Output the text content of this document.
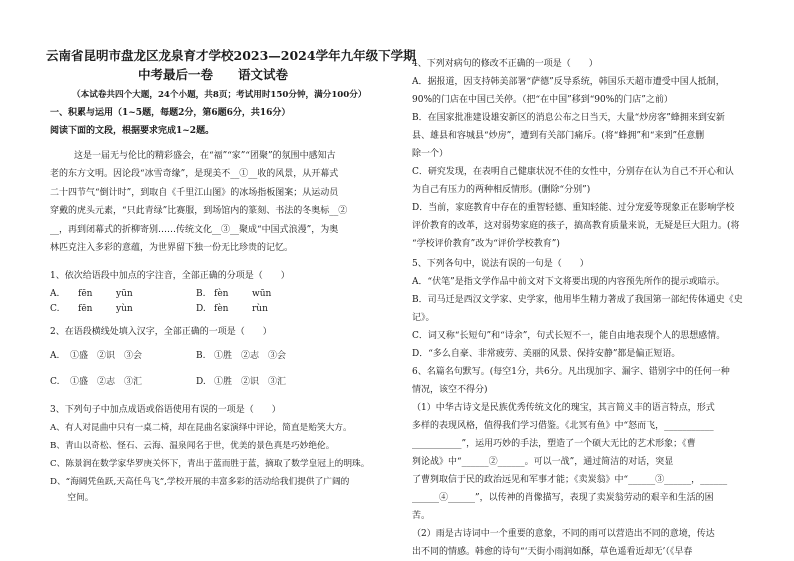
云南省昆明市盘龙区龙泉育才学校2023—2024学年九年级下学期
中考最后一卷　　语文试卷
（本试卷共四个大题，24个小题，共8页；考试用时150分钟，满分100分）
一、积累与运用（1~5题，每题2分，第6题6分，共16分）
阅读下面的文段，根据要求完成1~2题。
　　这是一届无与伦比的精彩盛会，在“福”“家”“团聚”的氛围中感知古
老的东方文明。因论段“冰雪奇缘”，是现美不__①__收的风景，从开幕式
二十四节气“倒计时”，到取自《千里江山图》的冰场指板图案；从运动员
穿戴的虎头元素，“只此青绿”比赛服，到场馆内的篆刻、书法的冬奥标__②
__，再到闭幕式的折柳寄别……传统文化__③__聚成“中国式浪漫”，为奥
林匹克注入多彩的意蕴，为世界留下独一份无比珍贵的记忆。
1、依次给语段中加点的字注音，全部正确的分项是（　　）
A. fēn	yūn	B. fèn	wūn
C. fēn	yùn	D. fèn	rùn
2、在语段横线处填入汉字，全部正确的一项是（　　）
A. ①盛　②识　③会	B. ①胜　②志　③会
C. ①盛　②志　③汇	D. ①胜　②识　③汇
3、下列句子中加点成语或俗语使用有误的一项是（　　）
A、有人对昆曲中只有一桌二椅，却在昆曲名家演绎中评论，简直是贻笑大方。
B、青山以奇松、怪石、云海、温泉闻名于世，优美的景色真是巧妙绝伦。
C、陈景润在数学家华罗庚关怀下，青出于蓝而胜于蓝，摘取了数学皇冠上的明珠。
D、“海阔凭鱼跃,天高任鸟飞”,学校开展的丰富多彩的活动给我们提供了广阔的
　　空间。
4、下列对病句的修改不正确的一项是（　　）
A．据报道，因支持韩美部署“萨德”反导系统，韩国乐天超市遭受中国人抵制，
90%的门店在中国已关停。（把“在中国”移到“90%的门店”之前）
B．在国家批准建设雄安新区的消息公布之日当天，大量“炒房客”蜂拥来到安新
县、雄县和容城县“炒房”，遭到有关部门痛斥。(将“蜂拥”和“来到”任意删
除一个）
C．研究发现，在表明自己健康状况不佳的女性中，分别存在认为自己不开心和认
为自己有压力的两种相反情形。(删除“分别”)
D．当前，家庭教育中存在的重智轻德、重知轻能、过分宠爱等现象正在影响学校
评价教育的改革，这对弱势家庭的孩子，搞高教育质量来说，无疑是巨大阻力。(将
“学校评价教育”改为“评价学校教育”)
5、下列各句中，说法有误的一句是（　　）
A．“伏笔”是指文学作品中前文对下文将要出现的内容预先所作的提示或暗示。
B．司马迁是西汉文学家、史学家，他用毕生精力著成了我国第一部纪传体通史《史
记》。
C．词又称“长短句”和“诗余”，句式长短不一，能自由地表现个人的思想感情。
D．“多么自豪、非常疲劳、美丽的风景、保持安静”都是偏正短语。
6、名篇名句默写。(每空1分，共6分。凡出现加字、漏字、错别字中的任何一种
情况，该空不得分)
（1）中华古诗文是民族优秀传统文化的瑰宝，其言简义丰的语言特点，形式
多样的表现风格，值得我们学习借鉴。《北冥有鱼》中“怒而飞，___________
___________”，运用巧妙的手法，塑造了一个硕大无比的艺术形象；《曹
刿论战》中“______②______。可以一战”，通过简洁的对话，突显
了曹刿取信于民的政治远见和军事才能；《卖炭翁》中“______③______，______
______④______”，以传神的肖像描写，表现了卖炭翁劳动的艰辛和生活的困
苦。
（2）雨是古诗词中一个重要的意象，不同的雨可以营造出不同的意境，传达
出不同的情感。韩愈的诗句“‘天街小雨润如酥，草色遥看近却无’（《早春
